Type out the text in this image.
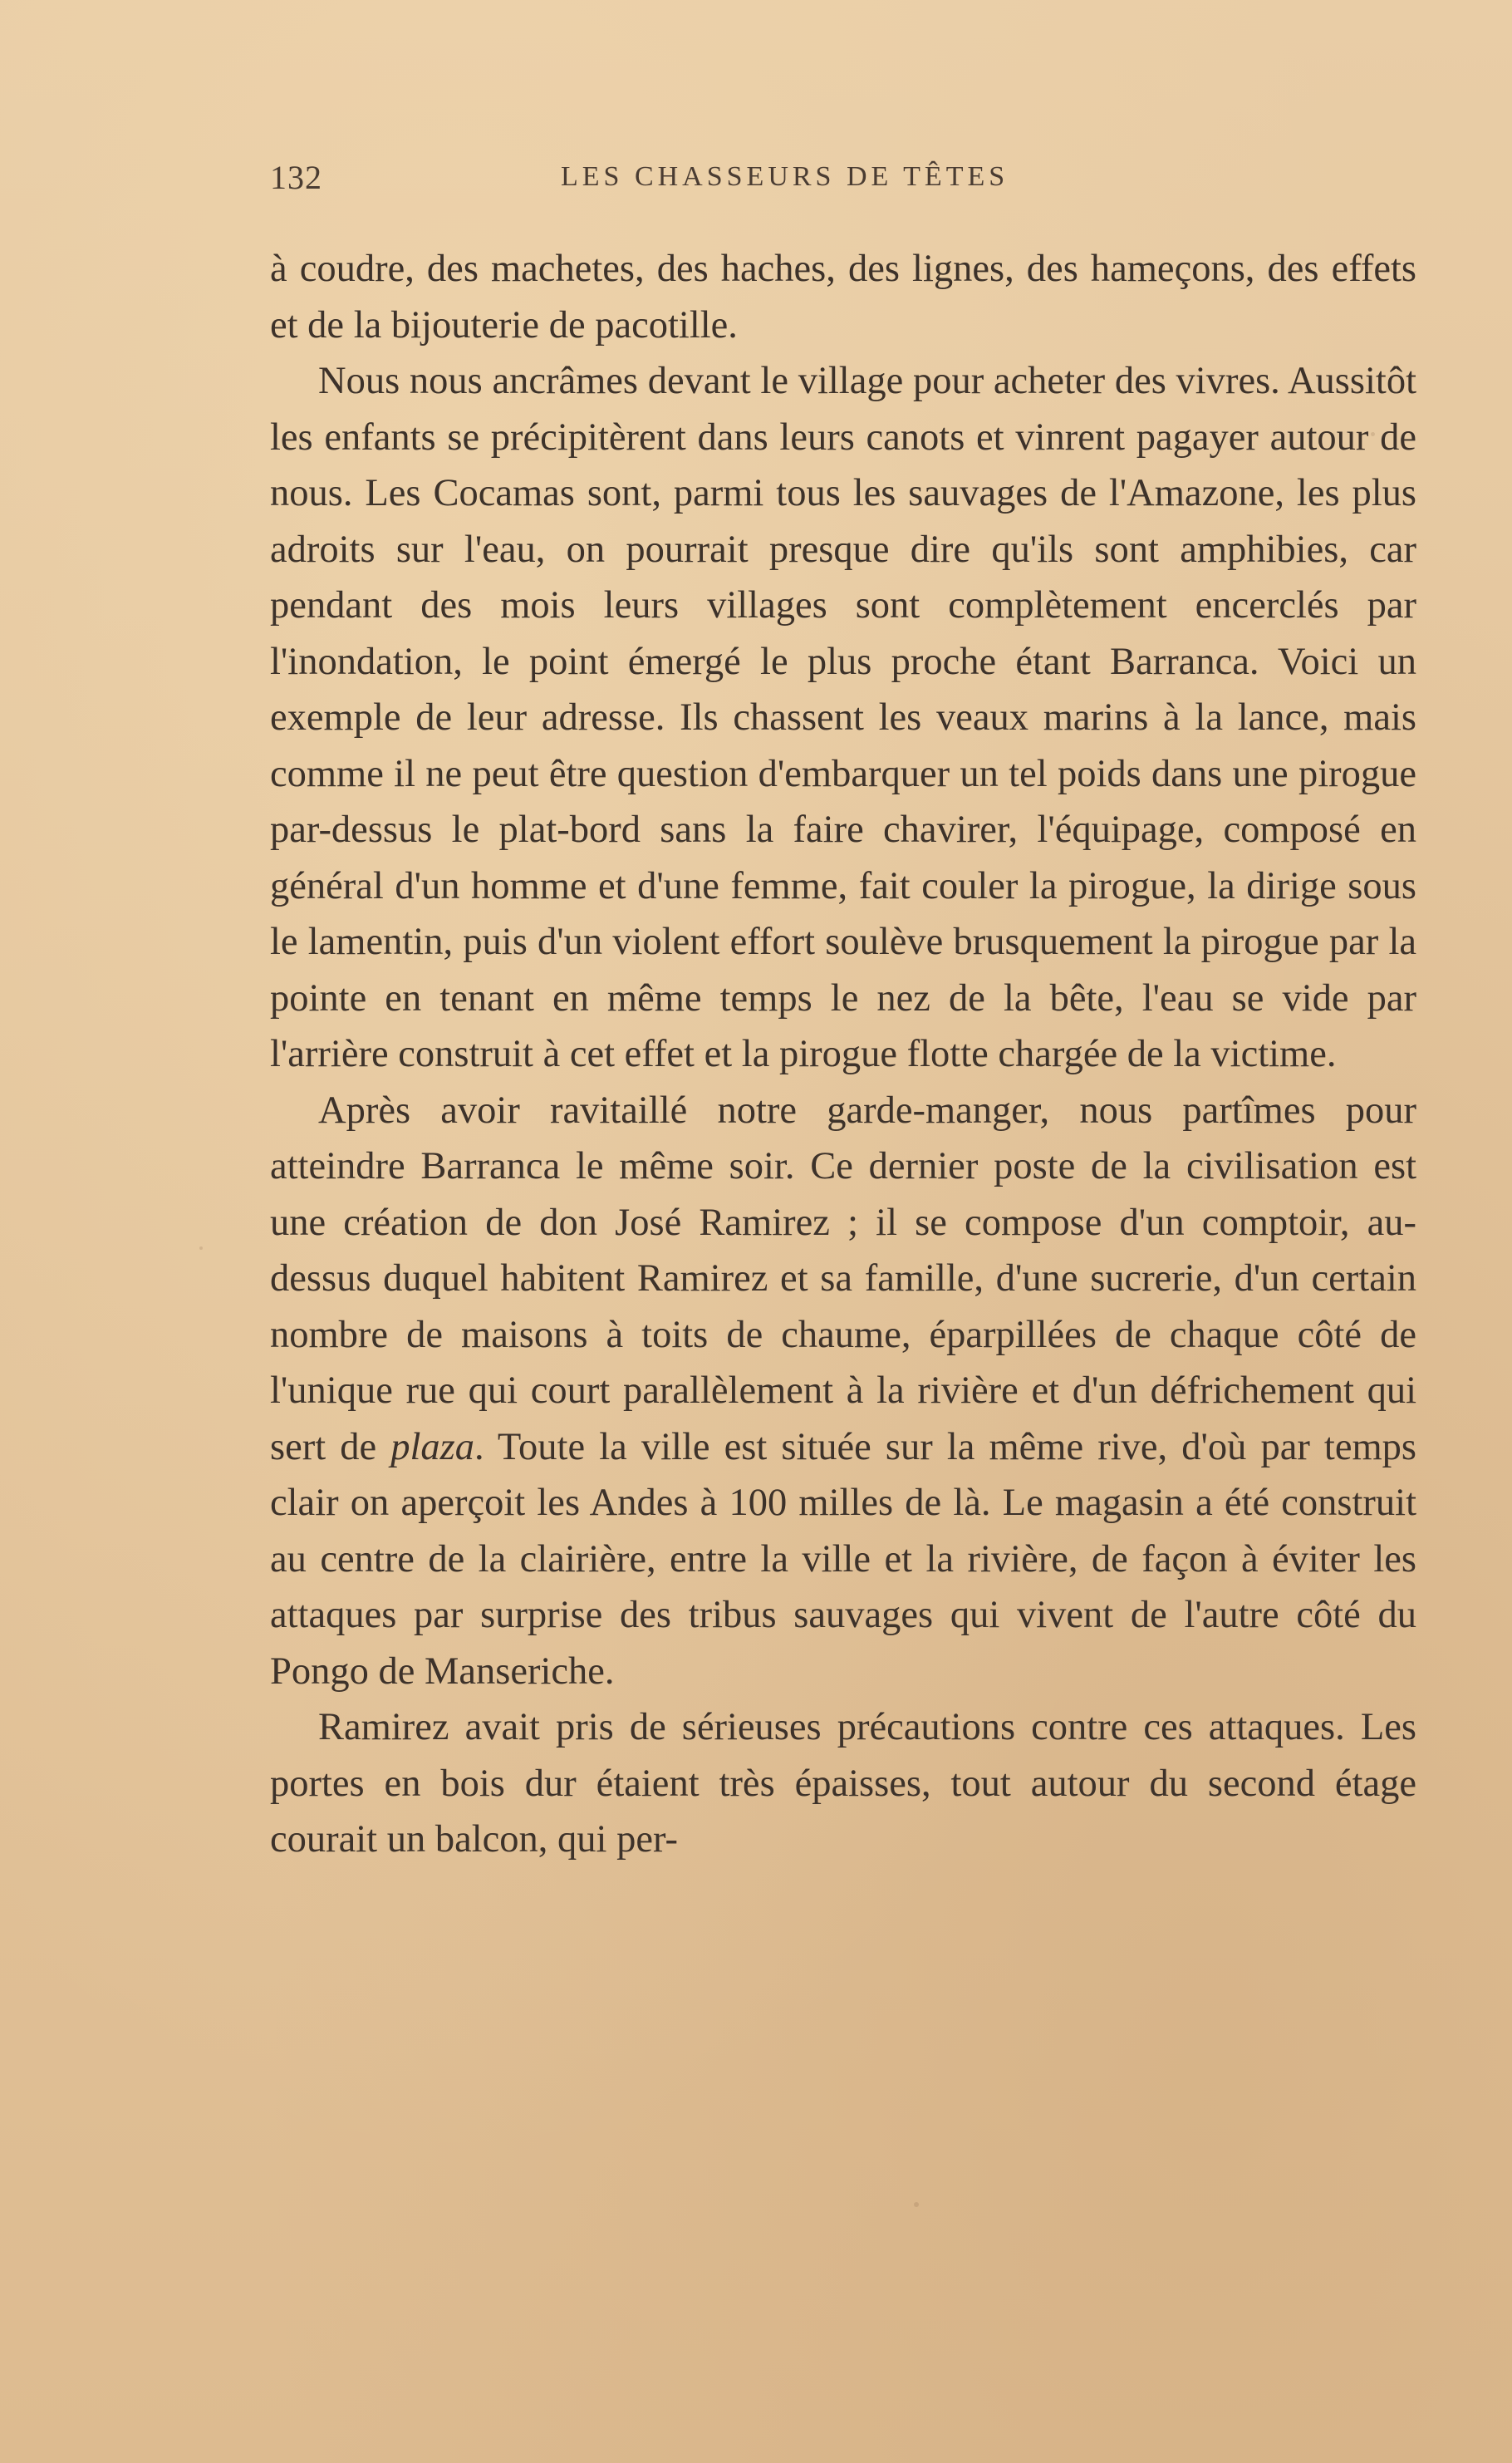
132	LES CHASSEURS DE TÊTES

à coudre, des machetes, des haches, des lignes, des hameçons, des effets et de la bijouterie de pacotille.

Nous nous ancrâmes devant le village pour acheter des vivres. Aussitôt les enfants se précipitèrent dans leurs canots et vinrent pagayer autour de nous. Les Cocamas sont, parmi tous les sauvages de l'Amazone, les plus adroits sur l'eau, on pourrait presque dire qu'ils sont amphibies, car pendant des mois leurs villages sont complètement encerclés par l'inondation, le point émergé le plus proche étant Barranca. Voici un exemple de leur adresse. Ils chassent les veaux marins à la lance, mais comme il ne peut être question d'embarquer un tel poids dans une pirogue par-dessus le plat-bord sans la faire chavirer, l'équipage, composé en général d'un homme et d'une femme, fait couler la pirogue, la dirige sous le lamentin, puis d'un violent effort soulève brusquement la pirogue par la pointe en tenant en même temps le nez de la bête, l'eau se vide par l'arrière construit à cet effet et la pirogue flotte chargée de la victime.

Après avoir ravitaillé notre garde-manger, nous partîmes pour atteindre Barranca le même soir. Ce dernier poste de la civilisation est une création de don José Ramirez ; il se compose d'un comptoir, au-dessus duquel habitent Ramirez et sa famille, d'une sucrerie, d'un certain nombre de maisons à toits de chaume, éparpillées de chaque côté de l'unique rue qui court parallèlement à la rivière et d'un défrichement qui sert de plaza. Toute la ville est située sur la même rive, d'où par temps clair on aperçoit les Andes à 100 milles de là. Le magasin a été construit au centre de la clairière, entre la ville et la rivière, de façon à éviter les attaques par surprise des tribus sauvages qui vivent de l'autre côté du Pongo de Manseriche.

Ramirez avait pris de sérieuses précautions contre ces attaques. Les portes en bois dur étaient très épaisses, tout autour du second étage courait un balcon, qui per-
